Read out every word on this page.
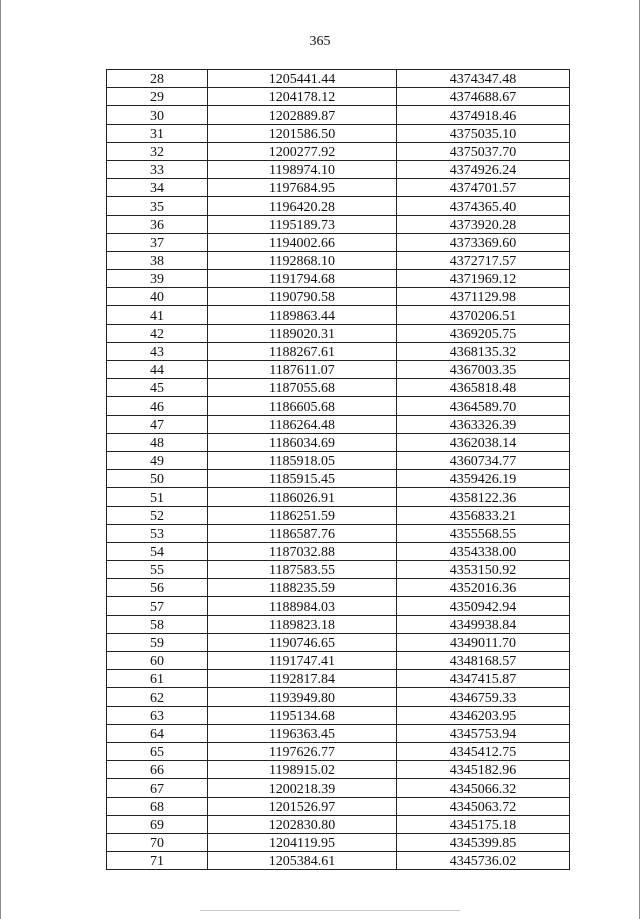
365
28	1205441.44	4374347.48
29	1204178.12	4374688.67
30	1202889.87	4374918.46
31	1201586.50	4375035.10
32	1200277.92	4375037.70
33	1198974.10	4374926.24
34	1197684.95	4374701.57
35	1196420.28	4374365.40
36	1195189.73	4373920.28
37	1194002.66	4373369.60
38	1192868.10	4372717.57
39	1191794.68	4371969.12
40	1190790.58	4371129.98
41	1189863.44	4370206.51
42	1189020.31	4369205.75
43	1188267.61	4368135.32
44	1187611.07	4367003.35
45	1187055.68	4365818.48
46	1186605.68	4364589.70
47	1186264.48	4363326.39
48	1186034.69	4362038.14
49	1185918.05	4360734.77
50	1185915.45	4359426.19
51	1186026.91	4358122.36
52	1186251.59	4356833.21
53	1186587.76	4355568.55
54	1187032.88	4354338.00
55	1187583.55	4353150.92
56	1188235.59	4352016.36
57	1188984.03	4350942.94
58	1189823.18	4349938.84
59	1190746.65	4349011.70
60	1191747.41	4348168.57
61	1192817.84	4347415.87
62	1193949.80	4346759.33
63	1195134.68	4346203.95
64	1196363.45	4345753.94
65	1197626.77	4345412.75
66	1198915.02	4345182.96
67	1200218.39	4345066.32
68	1201526.97	4345063.72
69	1202830.80	4345175.18
70	1204119.95	4345399.85
71	1205384.61	4345736.02
